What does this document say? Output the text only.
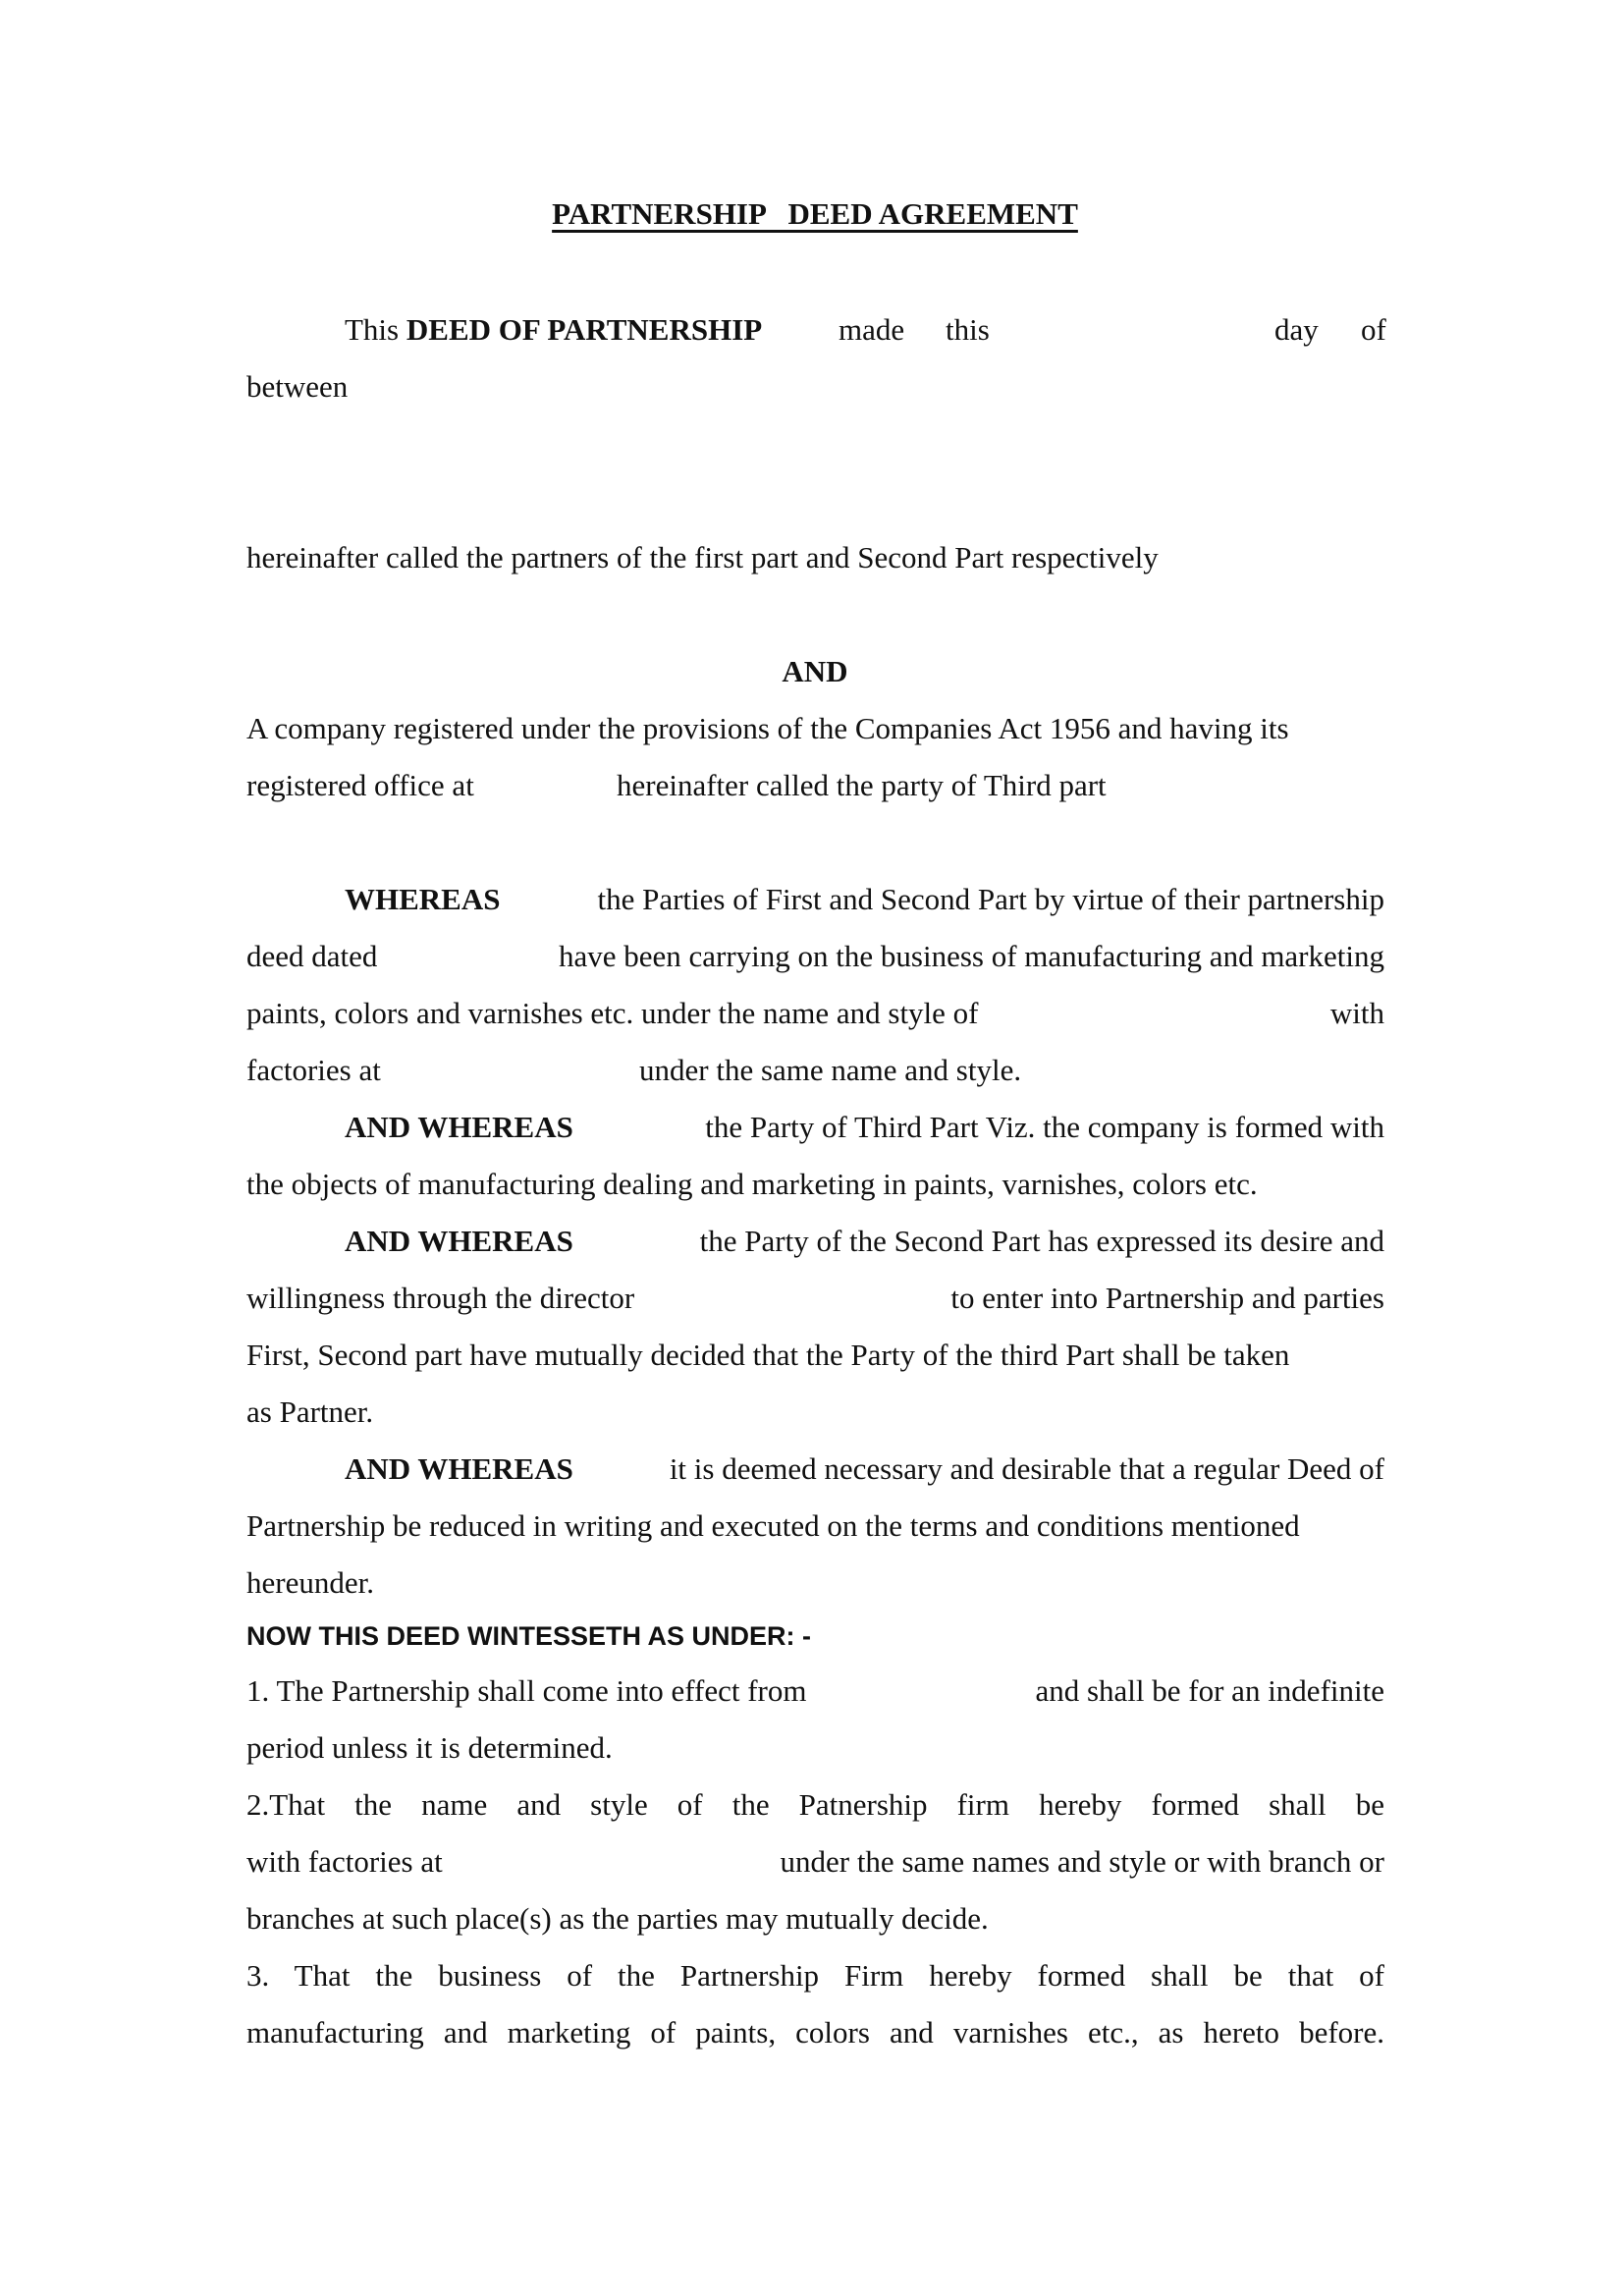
PARTNERSHIP   DEED AGREEMENT
This DEED OF PARTNERSHIP	made this	day of
between
hereinafter called the partners of the first part and Second Part respectively
AND
A company registered under the provisions of the Companies Act 1956 and having its
registered office at	hereinafter called the party of Third part
WHEREAS	the Parties of First and Second Part by virtue of their partnership
deed dated	have been carrying on the business of manufacturing and marketing
paints, colors and varnishes etc. under the name and style of	with
factories at	under the same name and style.
AND WHEREAS	the Party of Third Part Viz. the company is formed with
the objects of manufacturing dealing and marketing in paints, varnishes, colors etc.
AND WHEREAS	the Party of the Second Part has expressed its desire and
willingness through the director	to enter into Partnership and parties
First, Second part have mutually decided that the Party of the third Part shall be taken
as Partner.
AND WHEREAS	it is deemed necessary and desirable that a regular Deed of
Partnership be reduced in writing and executed on the terms and conditions mentioned
hereunder.
NOW THIS DEED WINTESSETH AS UNDER: -
1. The Partnership shall come into effect from	and shall be for an indefinite
period unless it is determined.
2.That the name and style of the Patnership firm hereby formed shall be
with factories at	under the same names and style or with branch or
branches at such place(s) as the parties may mutually decide.
3. That the business of the Partnership Firm hereby formed shall be that of
manufacturing and marketing of paints, colors and varnishes etc., as hereto before.
